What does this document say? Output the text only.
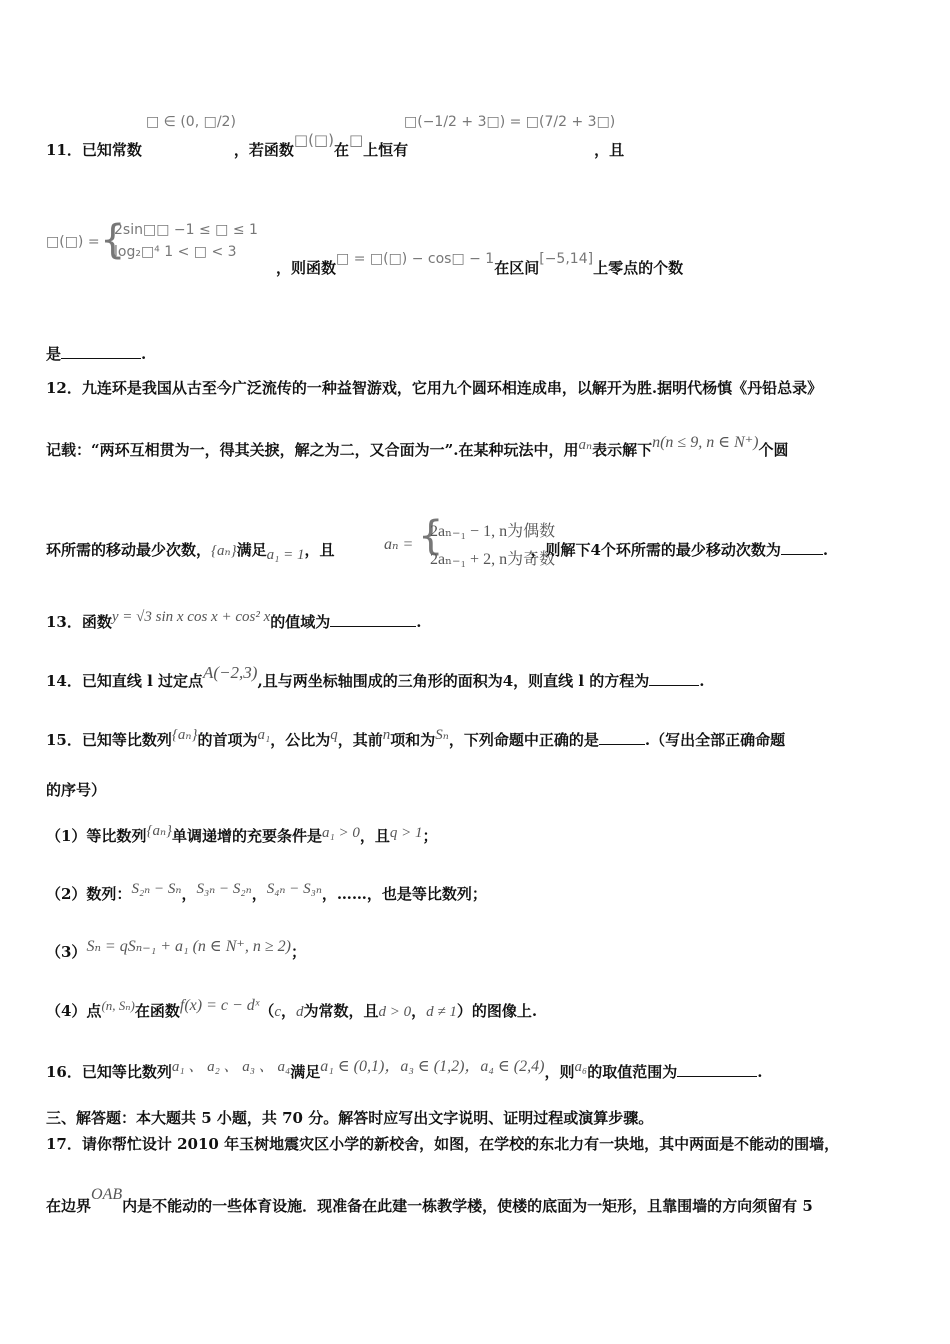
□ ∈ (0, □/2)	□(−1/2 + 3□) = □(7/2 + 3□)
11．已知常数	，若函数□(□)在□上恒有	，且
□(□) = {
2sin□□ −1 ≤ □ ≤ 1
log₂□⁴ 1 < □ < 3
，则函数□ = □(□) − cos□ − 1在区间[−5,14]上零点的个数
是	.
12．九连环是我国从古至今广泛流传的一种益智游戏，它用九个圆环相连成串，以解开为胜.据明代杨慎《丹铅总录》
记载：“两环互相贯为一，得其关捩，解之为二，又合面为一”.在某种玩法中，用aₙ表示解下n(n ≤ 9, n ∈ N⁺)个圆
aₙ = {
2aₙ₋₁ − 1, n为偶数
2aₙ₋₁ + 2, n为奇数
环所需的移动最少次数，{aₙ}满足a₁ = 1，且	，则解下4个环所需的最少移动次数为	.
13．函数y = √3 sin x cos x + cos² x的值域为	.
14．已知直线 l 过定点A(−2,3),且与两坐标轴围成的三角形的面积为4，则直线 l 的方程为	.
15．已知等比数列{aₙ}的首项为a₁，公比为q，其前n项和为Sₙ，下列命题中正确的是	.（写出全部正确命题
的序号）
（1）等比数列{aₙ}单调递增的充要条件是a₁ > 0，且q > 1；
（2）数列：S₂ₙ − Sₙ，S₃ₙ − S₂ₙ，S₄ₙ − S₃ₙ，……，也是等比数列；
（3）Sₙ = qSₙ₋₁ + a₁ (n ∈ N⁺, n ≥ 2)；
（4）点(n, Sₙ)在函数f(x) = c − dˣ（c，d为常数，且d > 0，d ≠ 1）的图像上.
16．已知等比数列a₁ 、 a₂ 、 a₃ 、 a₄满足a₁ ∈ (0,1)，a₃ ∈ (1,2)，a₄ ∈ (2,4)，则a₆的取值范围为	.
三、解答题：本大题共 5 小题，共 70 分。解答时应写出文字说明、证明过程或演算步骤。
17．请你帮忙设计 2010 年玉树地震灾区小学的新校舍，如图，在学校的东北力有一块地，其中两面是不能动的围墙，
在边界OAB内是不能动的一些体育设施．现准备在此建一栋教学楼，使楼的底面为一矩形，且靠围墙的方向须留有 5
